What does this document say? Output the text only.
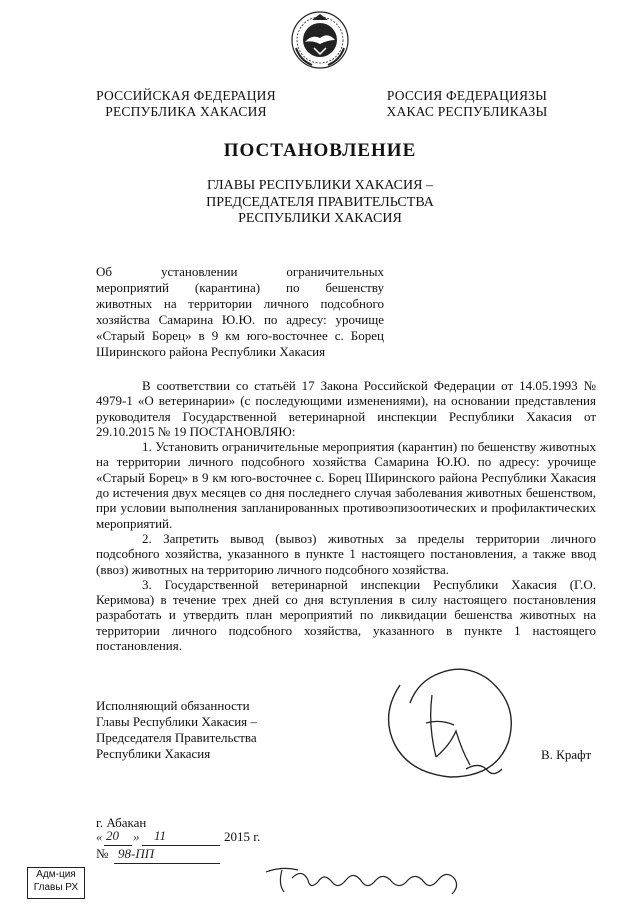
РОССИЙСКАЯ ФЕДЕРАЦИЯ
РЕСПУБЛИКА ХАКАСИЯ
РОССИЯ ФЕДЕРАЦИЯЗЫ
ХАКАС РЕСПУБЛИКАЗЫ
ПОСТАНОВЛЕНИЕ
ГЛАВЫ РЕСПУБЛИКИ ХАКАСИЯ –
ПРЕДСЕДАТЕЛЯ ПРАВИТЕЛЬСТВА
РЕСПУБЛИКИ ХАКАСИЯ
Об установлении ограничительных
мероприятий (карантина) по бешенству
животных на территории личного подсобного
хозяйства Самарина Ю.Ю. по адресу: урочище
«Старый Борец» в 9 км юго-восточнее с. Борец
Ширинского района Республики Хакасия

В соответствии со статьёй 17 Закона Российской Федерации от 14.05.1993 № 4979-1 «О ветеринарии» (с последующими изменениями), на основании представления руководителя Государственной ветеринарной инспекции Республики Хакасия от 29.10.2015 № 19 ПОСТАНОВЛЯЮ:

1. Установить ограничительные мероприятия (карантин) по бешенству животных на территории личного подсобного хозяйства Самарина Ю.Ю. по адресу: урочище «Старый Борец» в 9 км юго-восточнее с. Борец Ширинского района Республики Хакасия до истечения двух месяцев со дня последнего случая заболевания животных бешенством, при условии выполнения запланированных противоэпизоотических и профилактических мероприятий.

2. Запретить вывод (вывоз) животных за пределы территории личного подсобного хозяйства, указанного в пункте 1 настоящего постановления, а также ввод (ввоз) животных на территорию личного подсобного хозяйства.

3. Государственной ветеринарной инспекции Республики Хакасия (Г.О. Керимова) в течение трех дней со дня вступления в силу настоящего постановления разработать и утвердить план мероприятий по ликвидации бешенства животных на территории личного подсобного хозяйства, указанного в пункте 1 настоящего постановления.

Исполняющий обязанности
Главы Республики Хакасия –
Председателя Правительства
Республики Хакасия	В. Крафт
г. Абакан
« 20 » 11	2015 г.
№ 98-ПП
Адм-ция
Главы РХ
